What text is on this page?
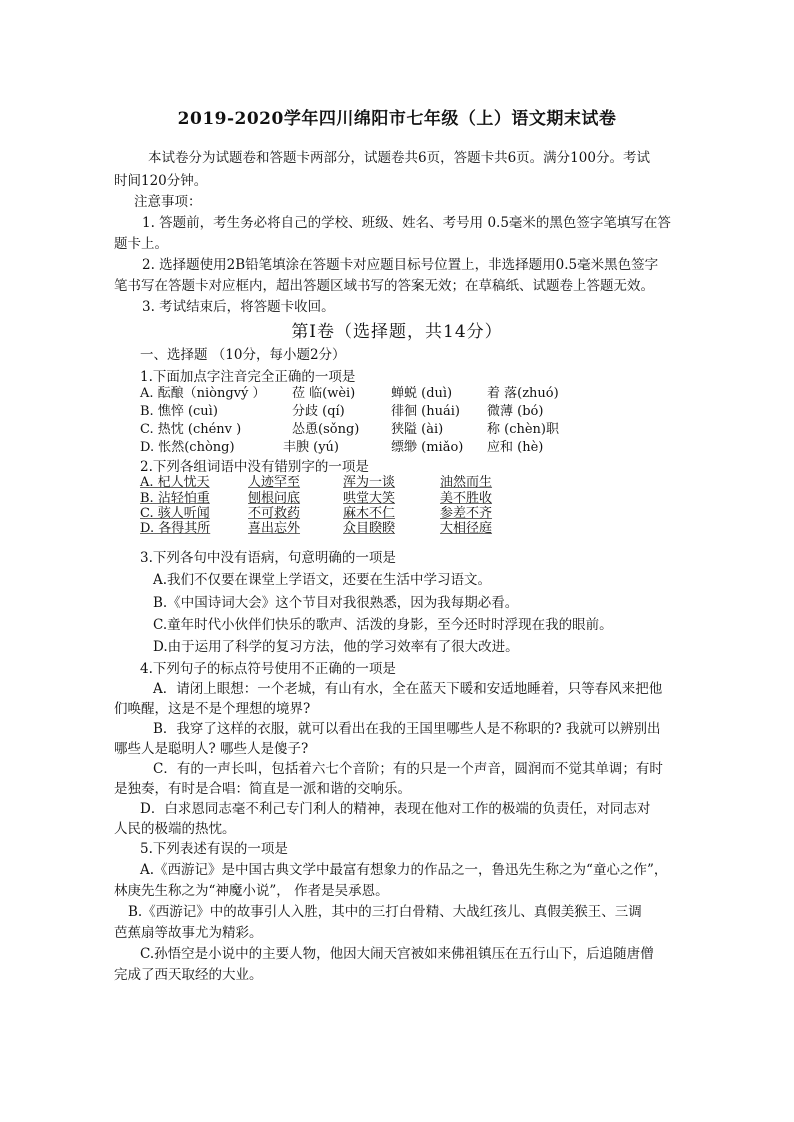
2019-2020学年四川绵阳市七年级（上）语文期末试卷
本试卷分为试题卷和答题卡两部分，试题卷共6页，答题卡共6页。满分100分。考试
时间120分钟。
注意事项：
1. 答题前，考生务必将自己的学校、班级、姓名、考号用 0.5毫米的黑色签字笔填写在答
题卡上。
2. 选择题使用2B铅笔填涂在答题卡对应题目标号位置上，非选择题用0.5毫米黑色签字
笔书写在答题卡对应框内，超出答题区域书写的答案无效；在草稿纸、试题卷上答题无效。
3. 考试结束后，将答题卡收回。
第Ⅰ卷（选择题，共14分）
一、选择题 （10分，每小题2分）
1.下面加点字注音完全正确的一项是
A. 酝酿（niòngvý ） 莅 临(wèi)	蝉蜕 (duì)	着 落(zhuó)
B. 憔悴 (cuì)	分歧 (qí)	徘徊 (huái) 微薄 (bó)
C. 热忱 (chénv )	怂恿(sǒng) 狭隘 (ài)	称 (chèn)职
D. 怅然(chòng)	丰腴 (yú)	缥缈 (miǎo) 应和 (hè)
2.下列各组词语中没有错别字的一项是
A. 杞人忧天	人迹罕至	浑为一谈	油然而生
B. 沾轻怕重	刨根问底	哄堂大笑	美不胜收
C. 骇人听闻	不可救药	麻木不仁	参差不齐
D. 各得其所	喜出忘外	众目睽睽	大相径庭
3.下列各句中没有语病，句意明确的一项是
A.我们不仅要在课堂上学语文，还要在生活中学习语文。
B.《中国诗词大会》这个节目对我很熟悉，因为我每期必看。
C.童年时代小伙伴们快乐的歌声、活泼的身影，至今还时时浮现在我的眼前。
D.由于运用了科学的复习方法，他的学习效率有了很大改进。
4.下列句子的标点符号使用不正确的一项是
A．请闭上眼想：一个老城，有山有水，全在蓝天下暖和安适地睡着，只等春风来把他
们唤醒，这是不是个理想的境界?
B．我穿了这样的衣服，就可以看出在我的王国里哪些人是不称职的? 我就可以辨别出
哪些人是聪明人? 哪些人是傻子?
C．有的一声长叫，包括着六七个音阶；有的只是一个声音，圆润而不觉其单调；有时
是独奏，有时是合唱：简直是一派和谐的交响乐。
D．白求恩同志毫不利己专门利人的精神，表现在他对工作的极端的负责任，对同志对
人民的极端的热忱。
5.下列表述有误的一项是
A.《西游记》是中国古典文学中最富有想象力的作品之一，鲁迅先生称之为“童心之作”，
林庚先生称之为“神魔小说”， 作者是吴承恩。
B.《西游记》中的故事引人入胜，其中的三打白骨精、大战红孩儿、真假美猴王、三调
芭蕉扇等故事尤为精彩。
C.孙悟空是小说中的主要人物，他因大闹天宫被如来佛祖镇压在五行山下，后追随唐僧
完成了西天取经的大业。
